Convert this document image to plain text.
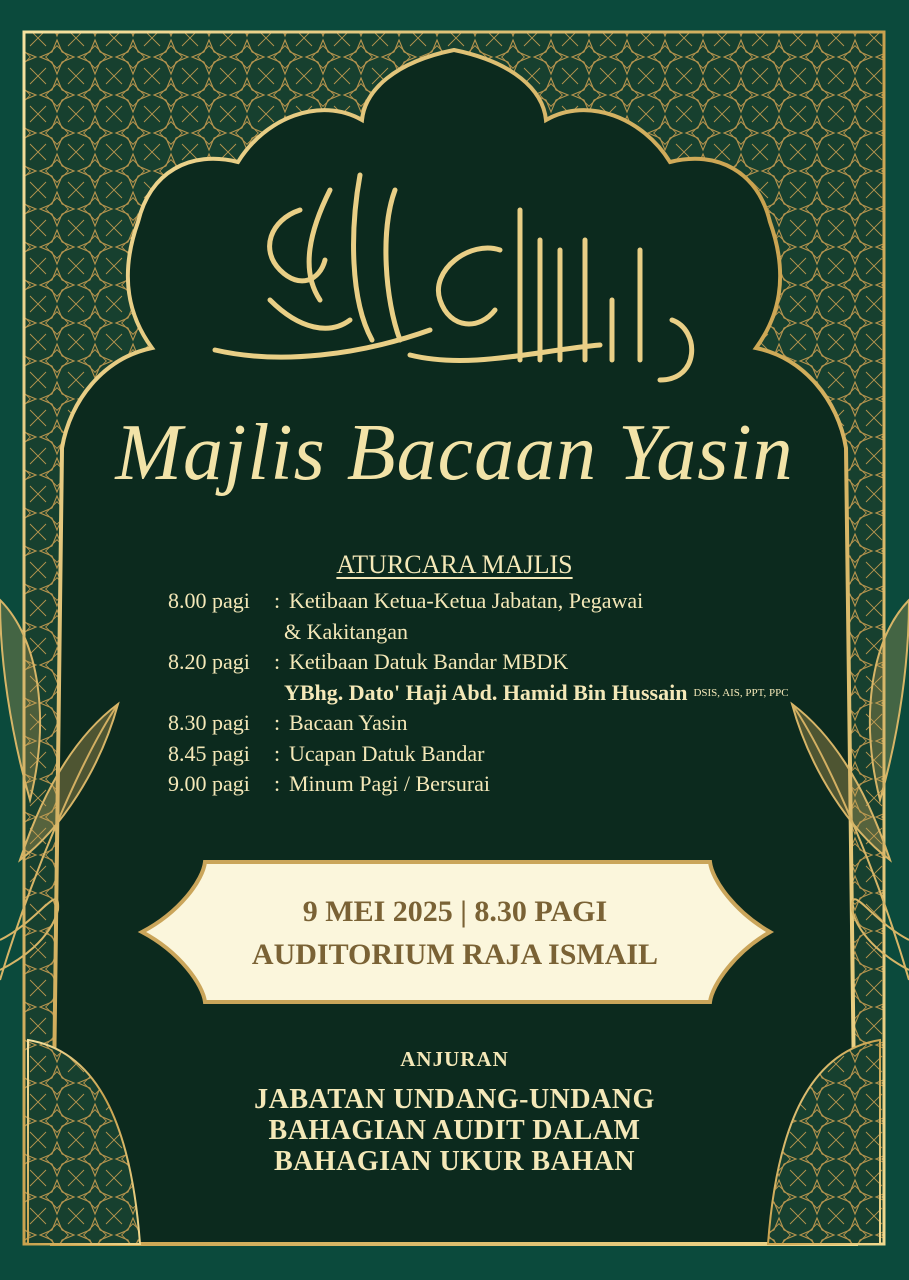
Majlis Bacaan Yasin
ATURCARA MAJLIS
8.00 pagi	: Ketibaan Ketua-Ketua Jabatan, Pegawai
& Kakitangan
8.20 pagi	: Ketibaan Datuk Bandar MBDK
YBhg. Dato' Haji Abd. Hamid Bin Hussain DSIS, AIS, PPT, PPC
8.30 pagi	: Bacaan Yasin
8.45 pagi	: Ucapan Datuk Bandar
9.00 pagi	: Minum Pagi / Bersurai
9 MEI 2025 | 8.30 PAGI
AUDITORIUM RAJA ISMAIL
ANJURAN
JABATAN UNDANG-UNDANG
BAHAGIAN AUDIT DALAM
BAHAGIAN UKUR BAHAN
